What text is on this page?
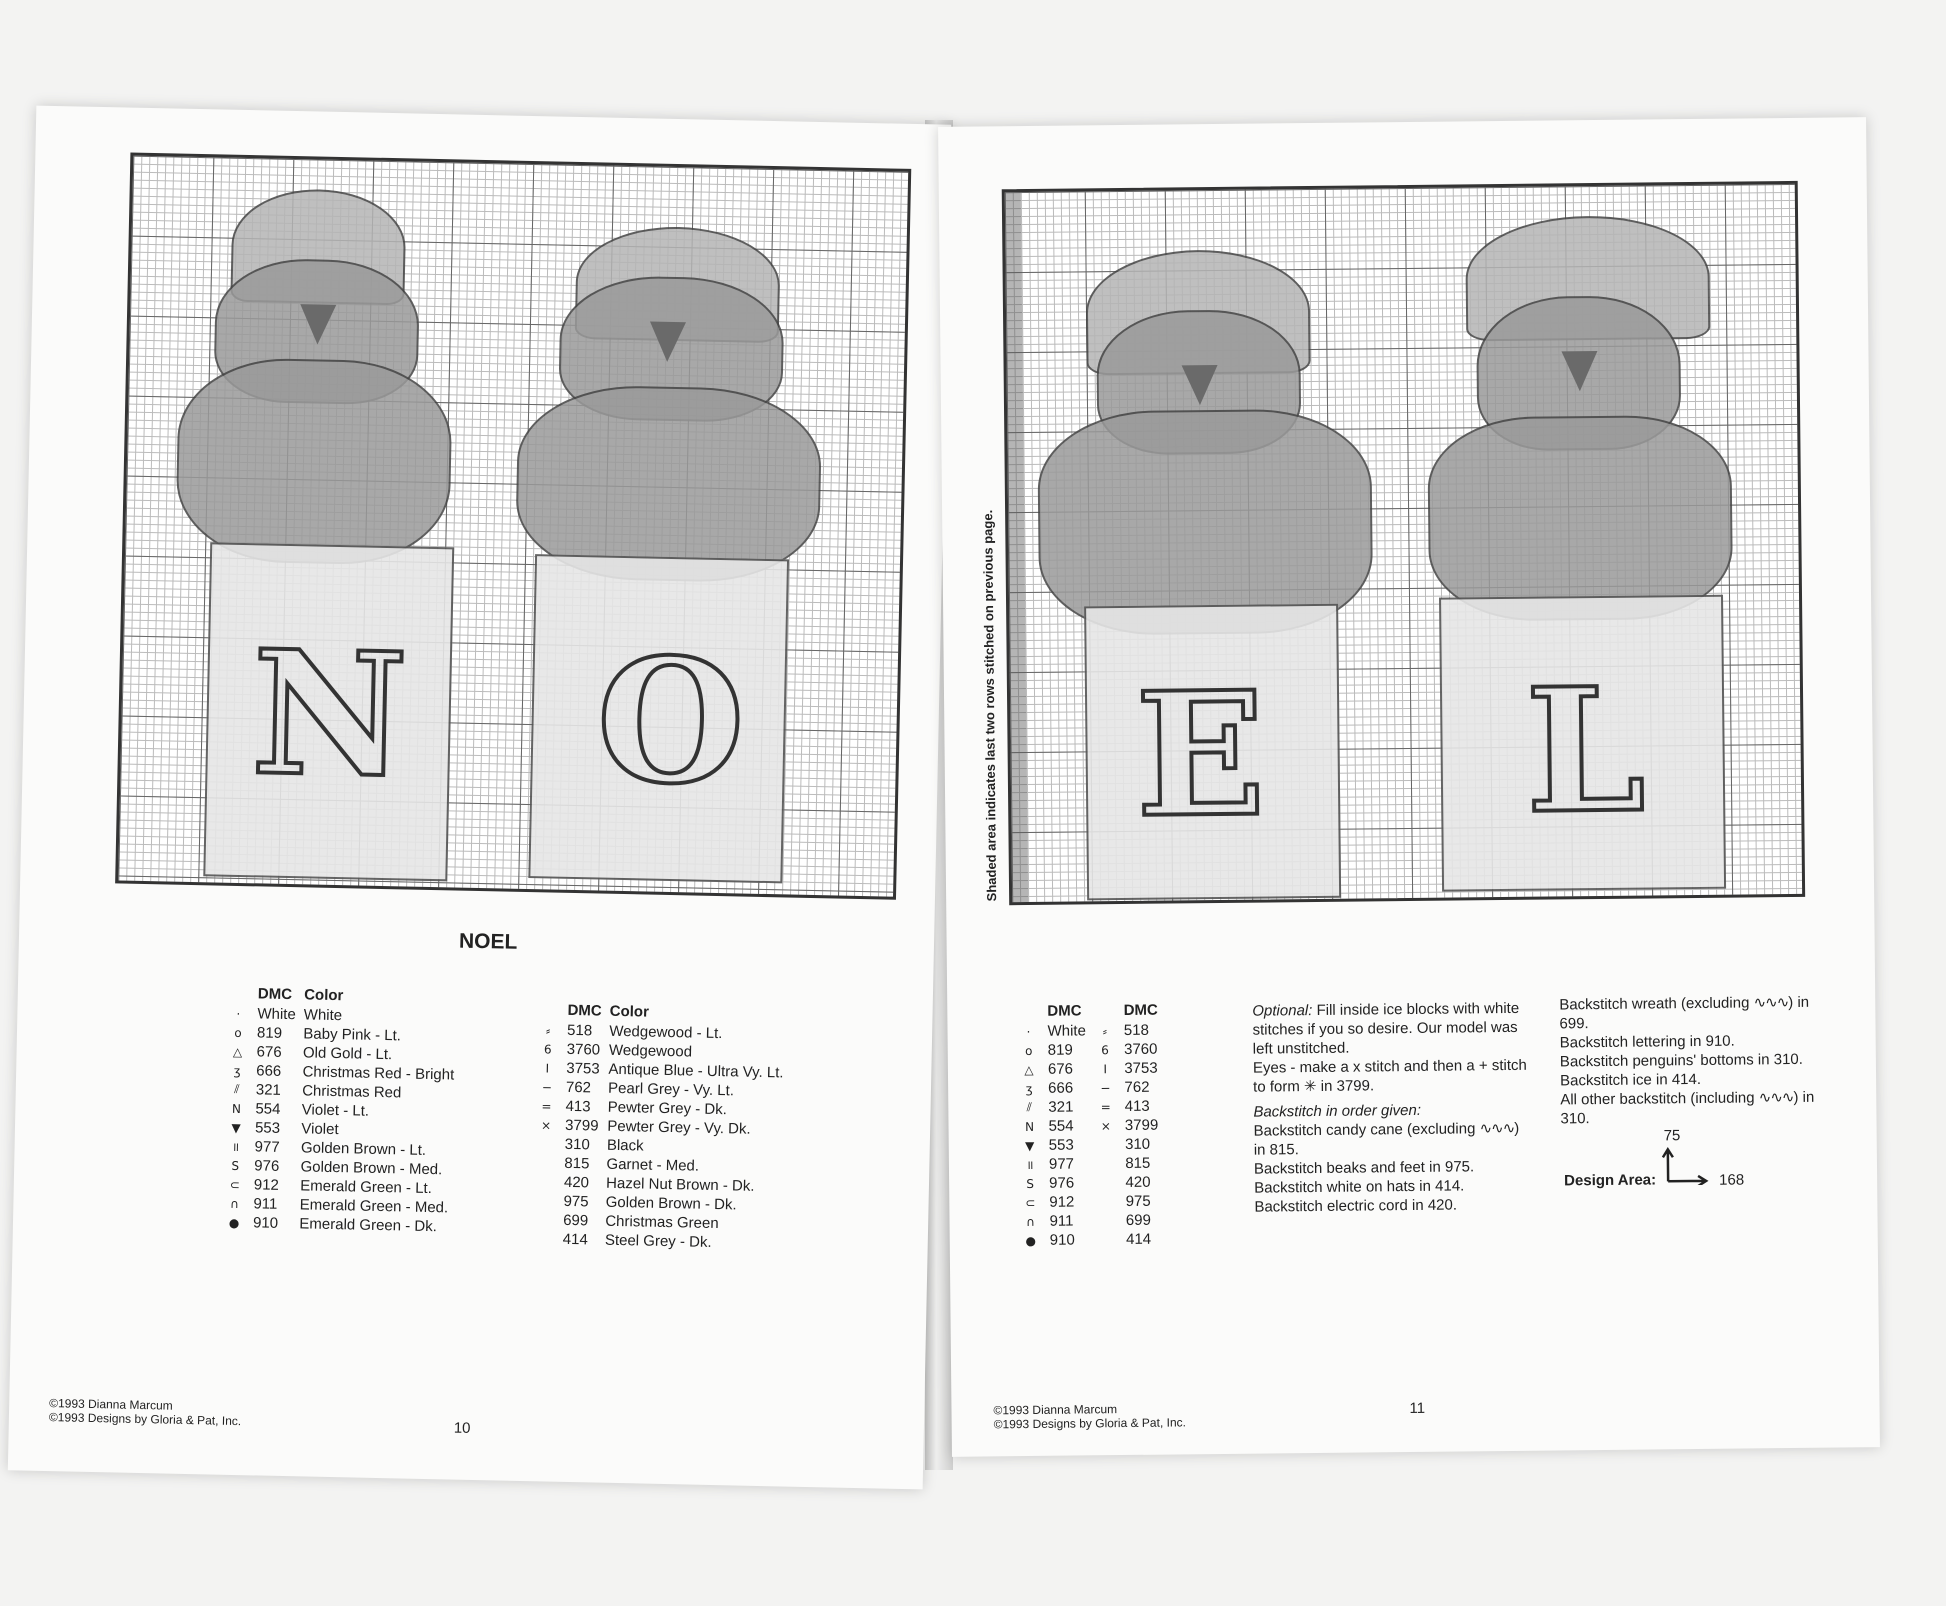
N O
NOEL
	DMC	Color
·	White	White
o	819	Baby Pink - Lt.
△	676	Old Gold - Lt.
ʒ	666	Christmas Red - Bright
⫽	321	Christmas Red
N	554	Violet - Lt.
▼	553	Violet
॥	977	Golden Brown - Lt.
S	976	Golden Brown - Med.
⊂	912	Emerald Green - Lt.
∩	911	Emerald Green - Med.
●	910	Emerald Green - Dk.
	DMC	Color
⸗	518	Wedgewood - Lt.
6	3760	Wedgewood
I	3753	Antique Blue - Ultra Vy. Lt.
−	762	Pearl Grey - Vy. Lt.
=	413	Pewter Grey - Dk.
×	3799	Pewter Grey - Vy. Dk.
	310	Black
	815	Garnet - Med.
	420	Hazel Nut Brown - Dk.
	975	Golden Brown - Dk.
	699	Christmas Green
	414	Steel Grey - Dk.
©1993 Dianna Marcum
©1993 Designs by Gloria & Pat, Inc.
10
Shaded area indicates last two rows stitched on previous page. E L
	DMC		DMC
·	White	⸗	518
o	819	6	3760
△	676	I	3753
ʒ	666	−	762
⫽	321	=	413
N	554	×	3799
▼	553		310
॥	977		815
S	976		420
⊂	912		975
∩	911		699
●	910		414

Optional: Fill inside ice blocks with white stitches if you so desire. Our model was left unstitched.

Eyes - make a x stitch and then a + stitch to form ✳ in 3799.

Backstitch in order given:

Backstitch candy cane (excluding ∿∿∿) in 815.

Backstitch beaks and feet in 975.

Backstitch white on hats in 414.

Backstitch electric cord in 420.

Backstitch wreath (excluding ∿∿∿) in 699.

Backstitch lettering in 910.

Backstitch penguins' bottoms in 310.

Backstitch ice in 414.

All other backstitch (including ∿∿∿) in 310.

75
Design Area:	168
©1993 Dianna Marcum
©1993 Designs by Gloria & Pat, Inc.
11
